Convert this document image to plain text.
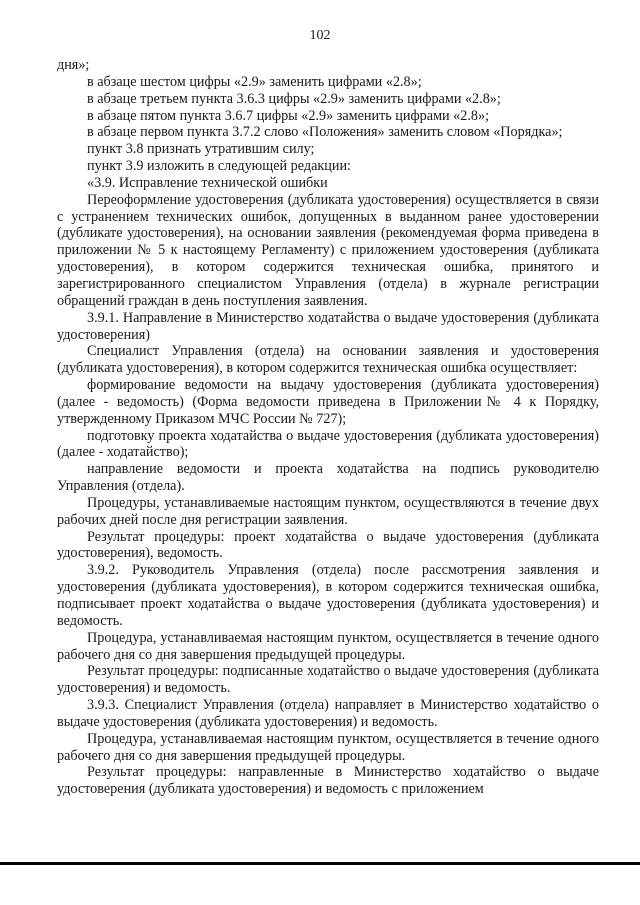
102

дня»;

в абзаце шестом цифры «2.9» заменить цифрами «2.8»;

в абзаце третьем пункта 3.6.3 цифры «2.9» заменить цифрами «2.8»;

в абзаце пятом пункта 3.6.7 цифры «2.9» заменить цифрами «2.8»;

в абзаце первом пункта 3.7.2 слово «Положения» заменить словом «Порядка»;

пункт 3.8 признать утратившим силу;

пункт 3.9 изложить в следующей редакции:

«3.9. Исправление технической ошибки

Переоформление удостоверения (дубликата удостоверения) осуществляется в связи с устранением технических ошибок, допущенных в выданном ранее удостоверении (дубликате удостоверения), на основании заявления (рекомендуемая форма приведена в приложении № 5 к настоящему Регламенту) с приложением удостоверения (дубликата удостоверения), в котором содержится техническая ошибка, принятого и зарегистрированного специалистом Управления (отдела) в журнале регистрации обращений граждан в день поступления заявления.

3.9.1. Направление в Министерство ходатайства о выдаче удостоверения (дубликата удостоверения)

Специалист Управления (отдела) на основании заявления и удостоверения (дубликата удостоверения), в котором содержится техническая ошибка осуществляет:

формирование ведомости на выдачу удостоверения (дубликата удостоверения) (далее - ведомость) (Форма ведомости приведена в Приложении№ 4 к Порядку, утвержденному Приказом МЧС России № 727);

подготовку проекта ходатайства о выдаче удостоверения (дубликата удостоверения) (далее - ходатайство);

направление ведомости и проекта ходатайства на подпись руководителю Управления (отдела).

Процедуры, устанавливаемые настоящим пунктом, осуществляются в течение двух рабочих дней после дня регистрации заявления.

Результат процедуры: проект ходатайства о выдаче удостоверения (дубликата удостоверения), ведомость.

3.9.2. Руководитель Управления (отдела) после рассмотрения заявления и удостоверения (дубликата удостоверения), в котором содержится техническая ошибка, подписывает проект ходатайства о выдаче удостоверения (дубликата удостоверения) и ведомость.

Процедура, устанавливаемая настоящим пунктом, осуществляется в течение одного рабочего дня со дня завершения предыдущей процедуры.

Результат процедуры: подписанные ходатайство о выдаче удостоверения (дубликата удостоверения) и ведомость.

3.9.3. Специалист Управления (отдела) направляет в Министерство ходатайство о выдаче удостоверения (дубликата удостоверения) и ведомость.

Процедура, устанавливаемая настоящим пунктом, осуществляется в течение одного рабочего дня со дня завершения предыдущей процедуры.

Результат процедуры: направленные в Министерство ходатайство о выдаче удостоверения (дубликата удостоверения) и ведомость с приложением
